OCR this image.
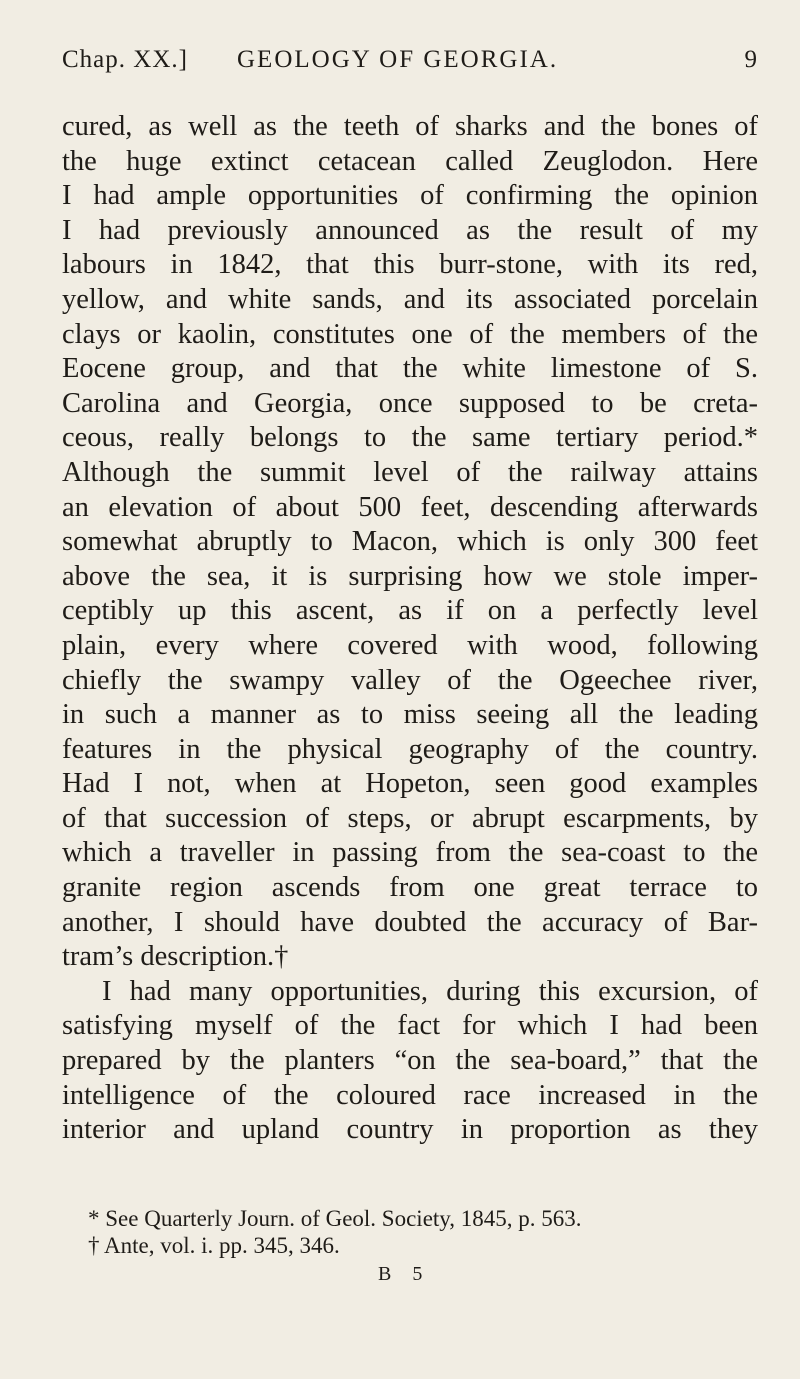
Chap. XX.] GEOLOGY OF GEORGIA.	9
cured, as well as the teeth of sharks and the bones of
the huge extinct cetacean called Zeuglodon. Here
I had ample opportunities of confirming the opinion
I had previously announced as the result of my
labours in 1842, that this burr-stone, with its red,
yellow, and white sands, and its associated porcelain
clays or kaolin, constitutes one of the members of the
Eocene group, and that the white limestone of S.
Carolina and Georgia, once supposed to be creta-
ceous, really belongs to the same tertiary period.*
Although the summit level of the railway attains
an elevation of about 500 feet, descending afterwards
somewhat abruptly to Macon, which is only 300 feet
above the sea, it is surprising how we stole imper-
ceptibly up this ascent, as if on a perfectly level
plain, every where covered with wood, following
chiefly the swampy valley of the Ogeechee river,
in such a manner as to miss seeing all the leading
features in the physical geography of the country.
Had I not, when at Hopeton, seen good examples
of that succession of steps, or abrupt escarpments, by
which a traveller in passing from the sea-coast to the
granite region ascends from one great terrace to
another, I should have doubted the accuracy of Bar-
tram’s description.†
I had many opportunities, during this excursion, of
satisfying myself of the fact for which I had been
prepared by the planters “on the sea-board,” that the
intelligence of the coloured race increased in the
interior and upland country in proportion as they
* See Quarterly Journ. of Geol. Society, 1845, p. 563.
† Ante, vol. i. pp. 345, 346.
B 5
